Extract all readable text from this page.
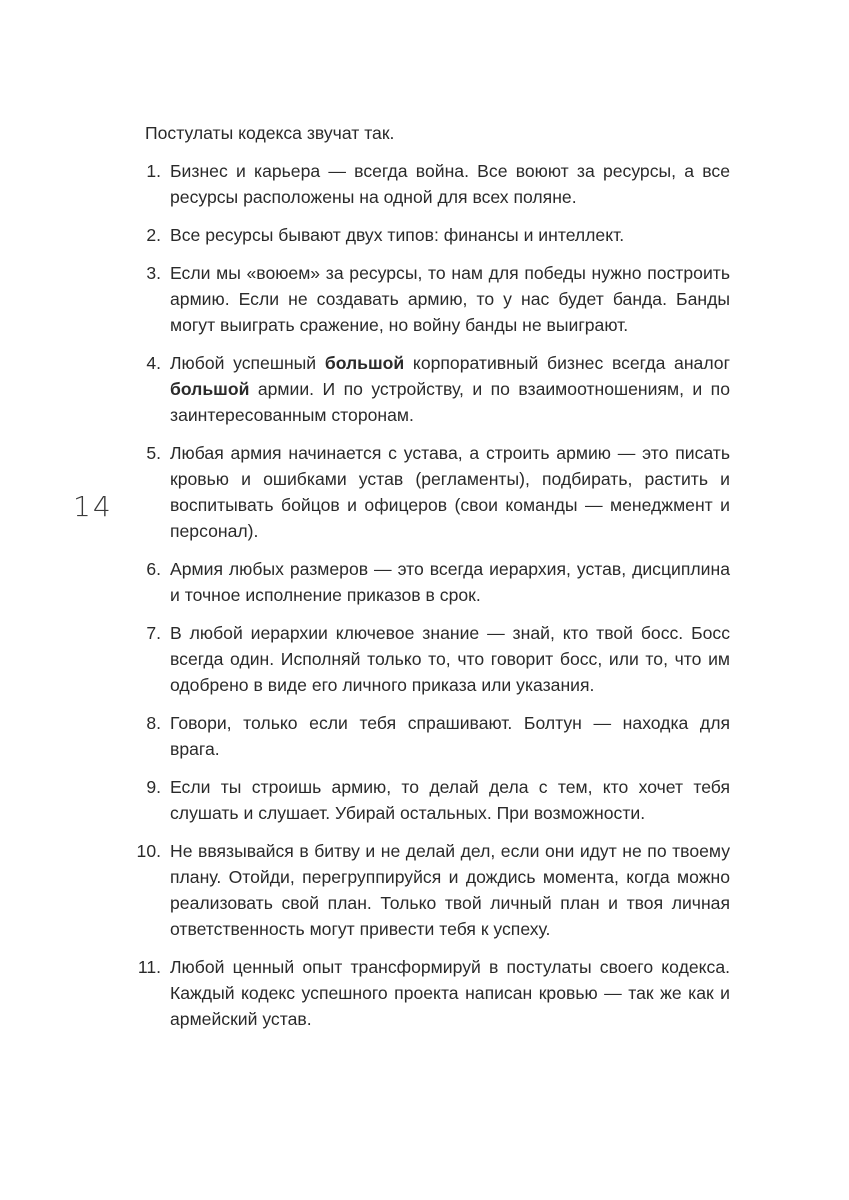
14

Постулаты кодекса звучат так.

1. Бизнес и карьера — всегда война. Все воюют за ресурсы, а все ресурсы расположены на одной для всех поляне.
2. Все ресурсы бывают двух типов: финансы и интеллект.
3. Если мы «воюем» за ресурсы, то нам для победы нужно построить армию. Если не создавать армию, то у нас будет банда. Банды могут выиграть сражение, но войну банды не выиграют.
4. Любой успешный большой корпоративный бизнес всегда аналог большой армии. И по устройству, и по взаимоотношениям, и по заинтересованным сторонам.
5. Любая армия начинается с устава, а строить армию — это писать кровью и ошибками устав (регламенты), подбирать, растить и воспитывать бойцов и офицеров (свои команды — менеджмент и персонал).
6. Армия любых размеров — это всегда иерархия, устав, дисциплина и точное исполнение приказов в срок.
7. В любой иерархии ключевое знание — знай, кто твой босс. Босс всегда один. Исполняй только то, что говорит босс, или то, что им одобрено в виде его личного приказа или указания.
8. Говори, только если тебя спрашивают. Болтун — находка для врага.
9. Если ты строишь армию, то делай дела с тем, кто хочет тебя слушать и слушает. Убирай остальных. При возможности.
10. Не ввязывайся в битву и не делай дел, если они идут не по твоему плану. Отойди, перегруппируйся и дождись момента, когда можно реализовать свой план. Только твой личный план и твоя личная ответственность могут привести тебя к успеху.
11. Любой ценный опыт трансформируй в постулаты своего кодекса. Каждый кодекс успешного проекта написан кровью — так же как и армейский устав.
